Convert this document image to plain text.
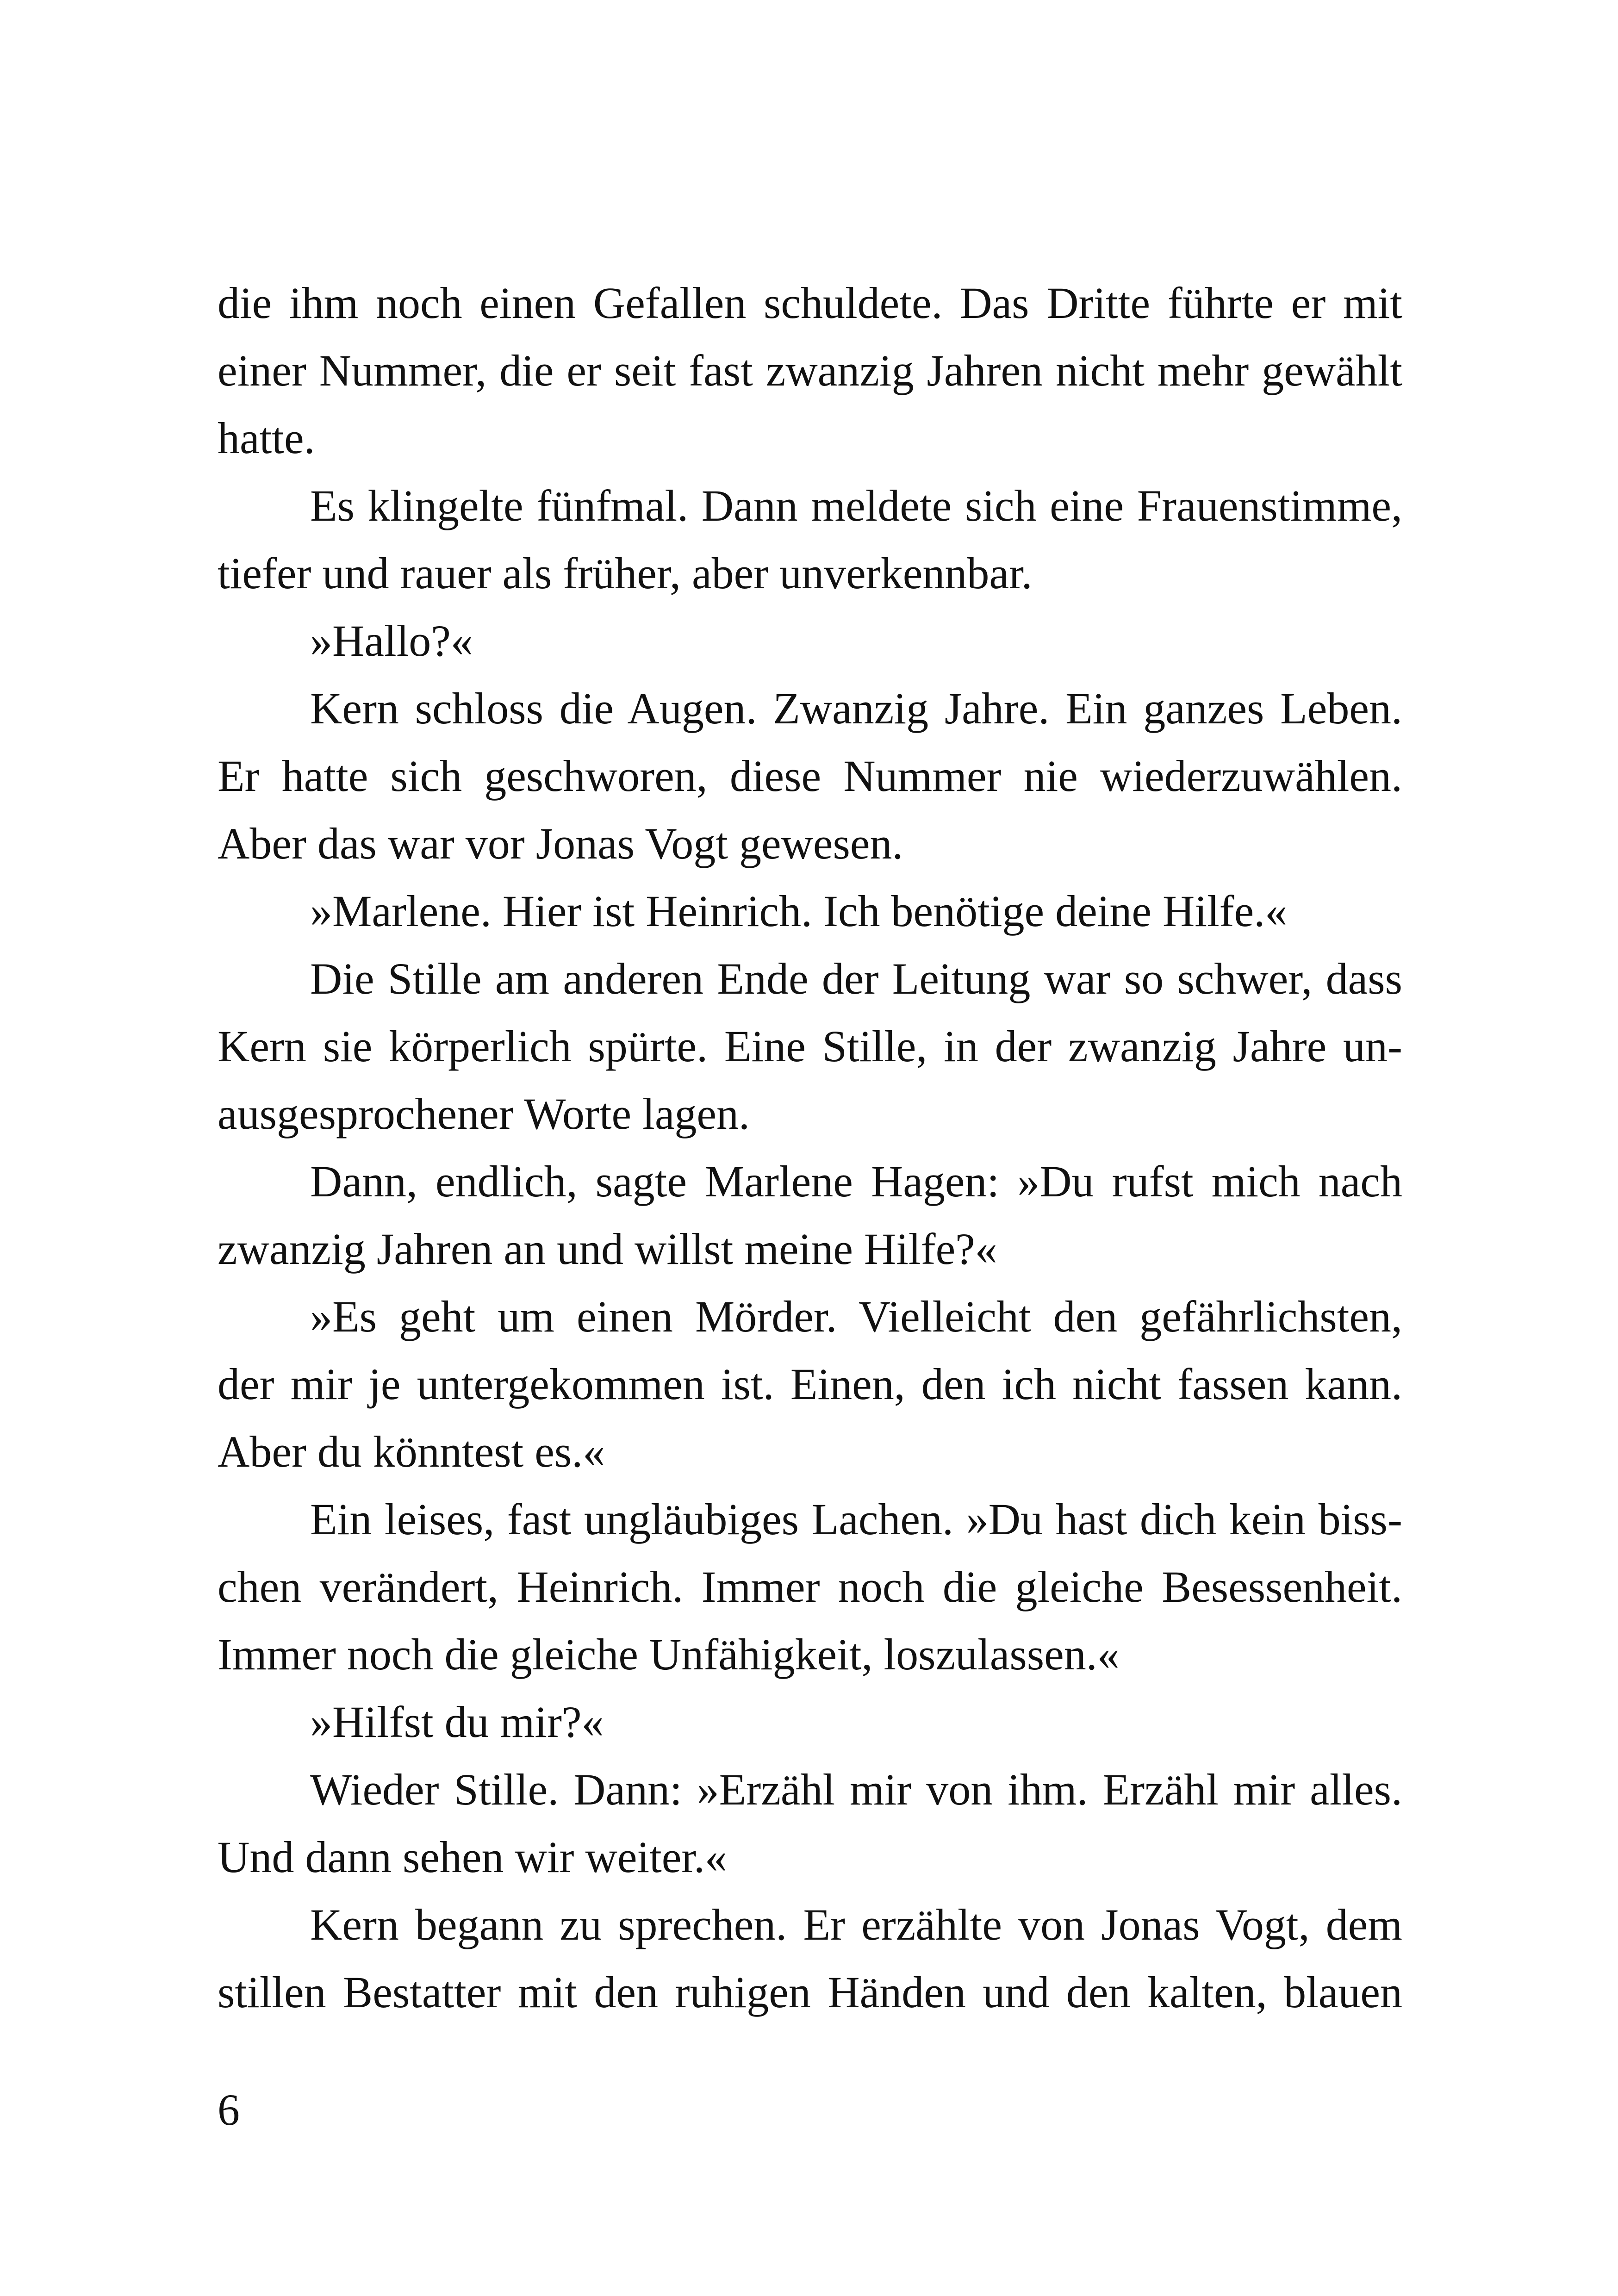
die ihm noch einen Gefallen schuldete. Das Dritte führte er mit
einer Nummer, die er seit fast zwanzig Jahren nicht mehr gewählt
hatte.
Es klingelte fünfmal. Dann meldete sich eine Frauenstimme,
tiefer und rauer als früher, aber unverkennbar.
»Hallo?«
Kern schloss die Augen. Zwanzig Jahre. Ein ganzes Leben.
Er hatte sich geschworen, diese Nummer nie wiederzuwählen.
Aber das war vor Jonas Vogt gewesen.
»Marlene. Hier ist Heinrich. Ich benötige deine Hilfe.«
Die Stille am anderen Ende der Leitung war so schwer, dass
Kern sie körperlich spürte. Eine Stille, in der zwanzig Jahre un-
ausgesprochener Worte lagen.
Dann, endlich, sagte Marlene Hagen: »Du rufst mich nach
zwanzig Jahren an und willst meine Hilfe?«
»Es geht um einen Mörder. Vielleicht den gefährlichsten,
der mir je untergekommen ist. Einen, den ich nicht fassen kann.
Aber du könntest es.«
Ein leises, fast ungläubiges Lachen. »Du hast dich kein biss-
chen verändert, Heinrich. Immer noch die gleiche Besessenheit.
Immer noch die gleiche Unfähigkeit, loszulassen.«
»Hilfst du mir?«
Wieder Stille. Dann: »Erzähl mir von ihm. Erzähl mir alles.
Und dann sehen wir weiter.«
Kern begann zu sprechen. Er erzählte von Jonas Vogt, dem
stillen Bestatter mit den ruhigen Händen und den kalten, blauen
6
